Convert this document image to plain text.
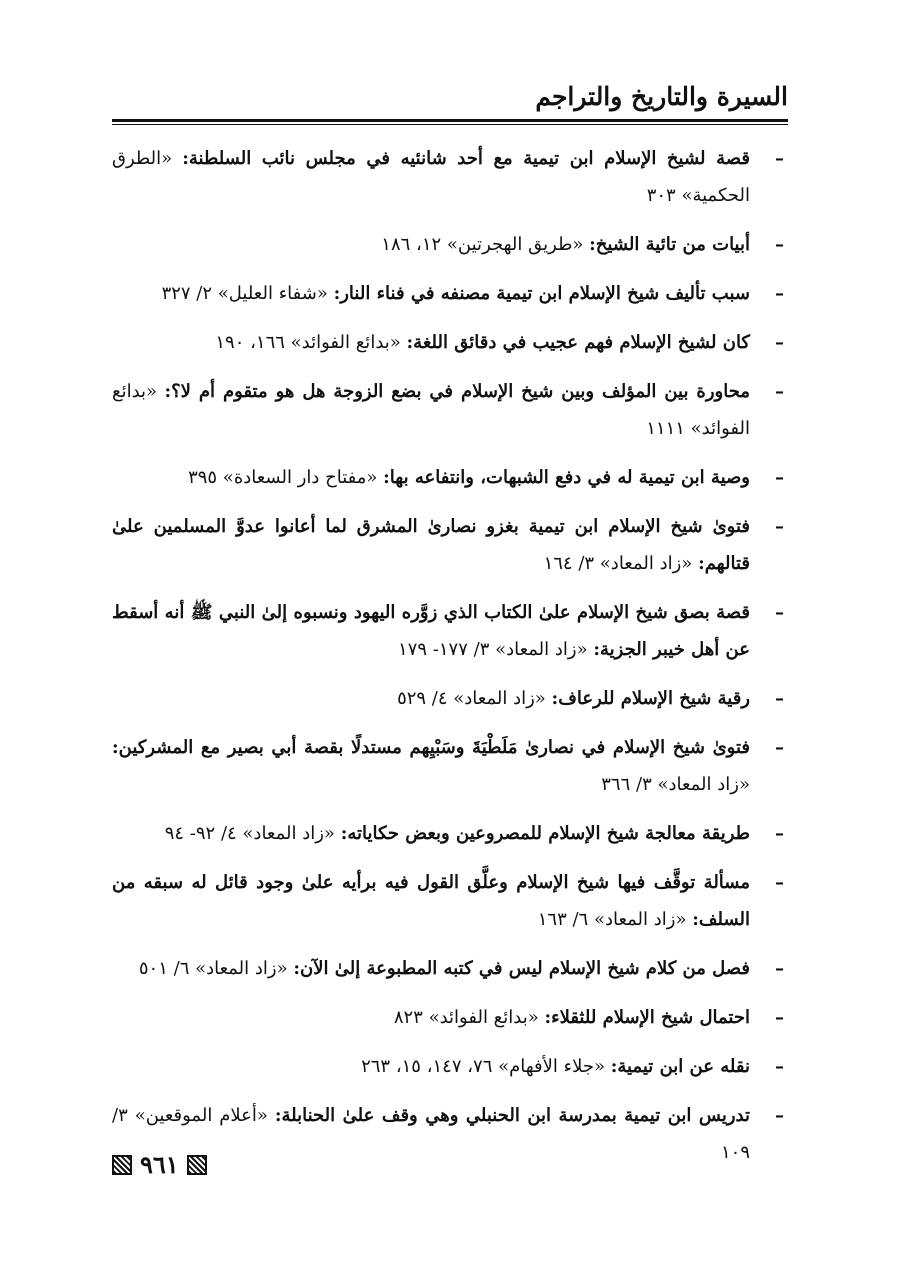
السيرة والتاريخ والتراجم
–
قصة لشيخ الإسلام ابن تيمية مع أحد شانئيه في مجلس نائب السلطنة: «الطرق الحكمية» ٣٠٣
–
أبيات من تائية الشيخ: «طريق الهجرتين» ١٢، ١٨٦
–
سبب تأليف شيخ الإسلام ابن تيمية مصنفه في فناء النار: «شفاء العليل» ٢/ ٣٢٧
–
كان لشيخ الإسلام فهم عجيب في دقائق اللغة: «بدائع الفوائد» ١٦٦، ١٩٠
–
محاورة بين المؤلف وبين شيخ الإسلام في بضع الزوجة هل هو متقوم أم لا؟: «بدائع الفوائد» ١١١١
–
وصية ابن تيمية له في دفع الشبهات، وانتفاعه بها: «مفتاح دار السعادة» ٣٩٥
–
فتوىٰ شيخ الإسلام ابن تيمية بغزو نصارىٰ المشرق لما أعانوا عدوَّ المسلمين علىٰ قتالهم: «زاد المعاد» ٣/ ١٦٤
–
قصة بصق شيخ الإسلام علىٰ الكتاب الذي زوَّره اليهود ونسبوه إلىٰ النبي ﷺ أنه أسقط عن أهل خيبر الجزية: «زاد المعاد» ٣/ ١٧٧- ١٧٩
–
رقية شيخ الإسلام للرعاف: «زاد المعاد» ٤/ ٥٢٩
–
فتوىٰ شيخ الإسلام في نصارىٰ مَلَطْيَةَ وسَبْيِهم مستدلًا بقصة أبي بصير مع المشركين: «زاد المعاد» ٣/ ٣٦٦
–
طريقة معالجة شيخ الإسلام للمصروعين وبعض حكاياته: «زاد المعاد» ٤/ ٩٢- ٩٤
–
مسألة توقَّف فيها شيخ الإسلام وعلَّق القول فيه برأيه علىٰ وجود قائل له سبقه من السلف: «زاد المعاد» ٦/ ١٦٣
–
فصل من كلام شيخ الإسلام ليس في كتبه المطبوعة إلىٰ الآن: «زاد المعاد» ٦/ ٥٠١
–
احتمال شيخ الإسلام للثقلاء: «بدائع الفوائد» ٨٢٣
–
نقله عن ابن تيمية: «جلاء الأفهام» ٧٦، ١٤٧، ١٥، ٢٦٣
–
تدريس ابن تيمية بمدرسة ابن الحنبلي وهي وقف علىٰ الحنابلة: «أعلام الموقعين» ٣/ ١٠٩
٩٦١
